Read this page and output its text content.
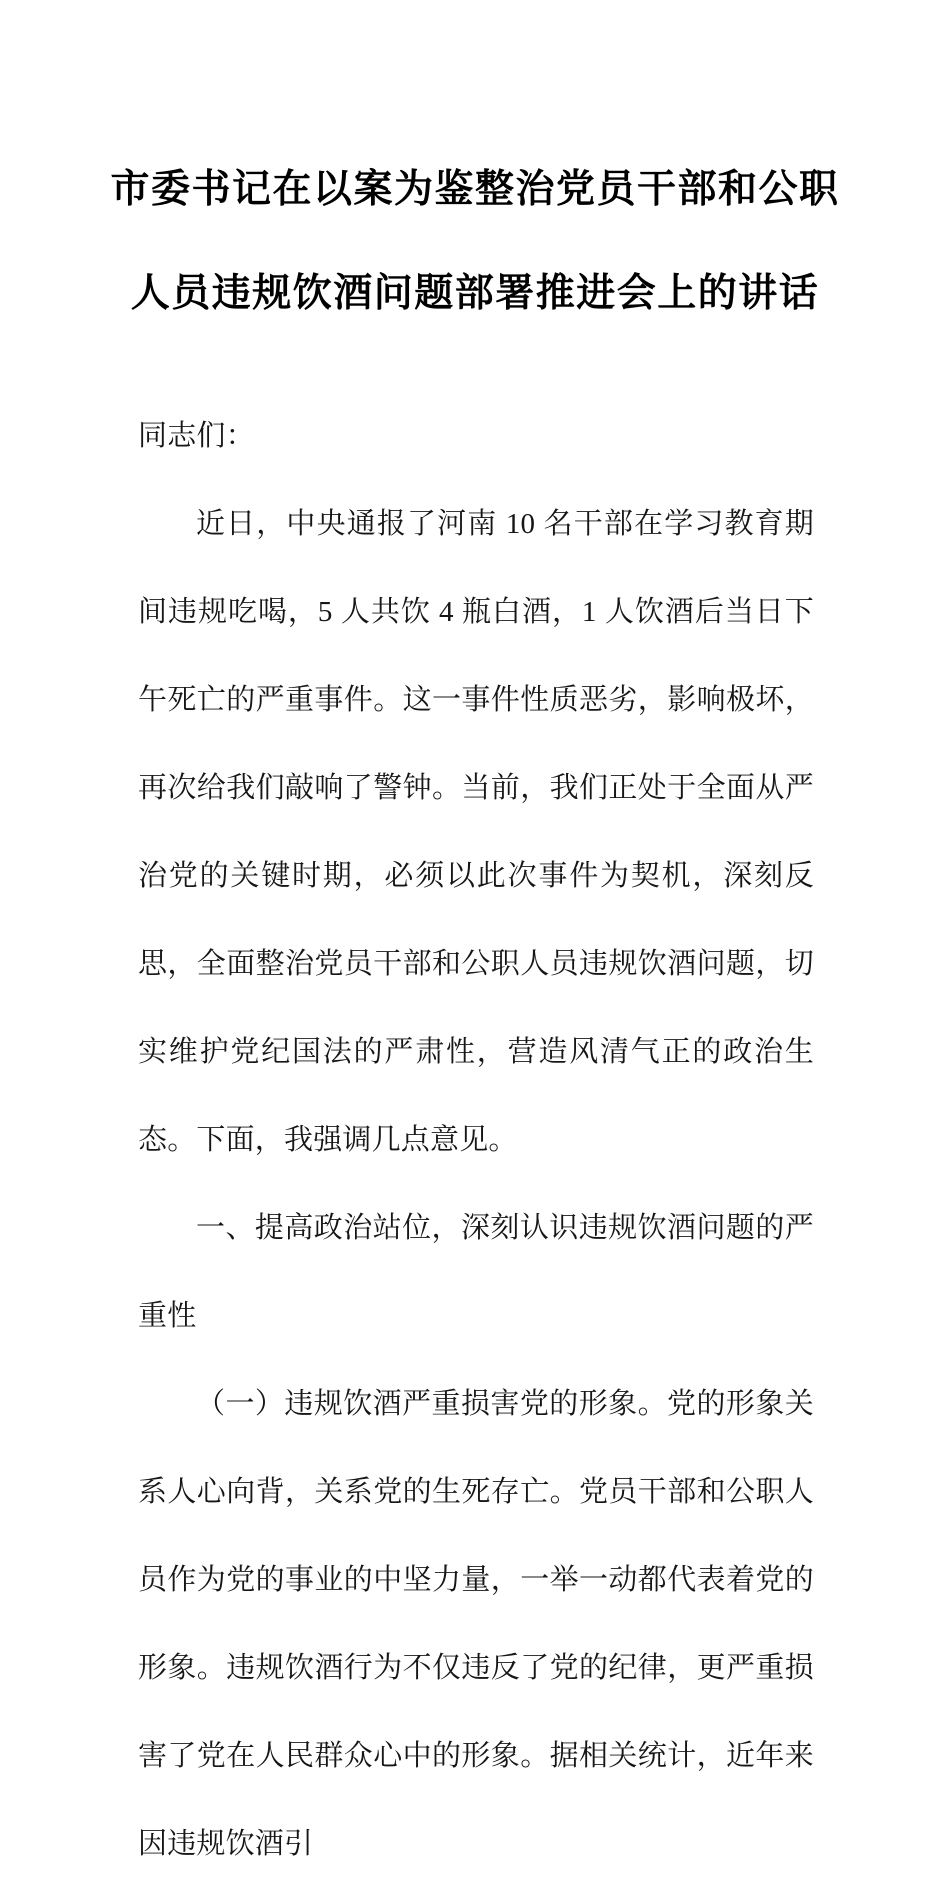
市委书记在以案为鉴整治党员干部和公职
人员违规饮酒问题部署推进会上的讲话

同志们：

近日，中央通报了河南 10 名干部在学习教育期间违规吃喝，5 人共饮 4 瓶白酒，1 人饮酒后当日下午死亡的严重事件。这一事件性质恶劣，影响极坏，再次给我们敲响了警钟。当前，我们正处于全面从严治党的关键时期，必须以此次事件为契机，深刻反思，全面整治党员干部和公职人员违规饮酒问题，切实维护党纪国法的严肃性，营造风清气正的政治生态。下面，我强调几点意见。

一、提高政治站位，深刻认识违规饮酒问题的严重性

（一）违规饮酒严重损害党的形象。党的形象关系人心向背，关系党的生死存亡。党员干部和公职人员作为党的事业的中坚力量，一举一动都代表着党的形象。违规饮酒行为不仅违反了党的纪律，更严重损害了党在人民群众心中的形象。据相关统计，近年来因违规饮酒引
